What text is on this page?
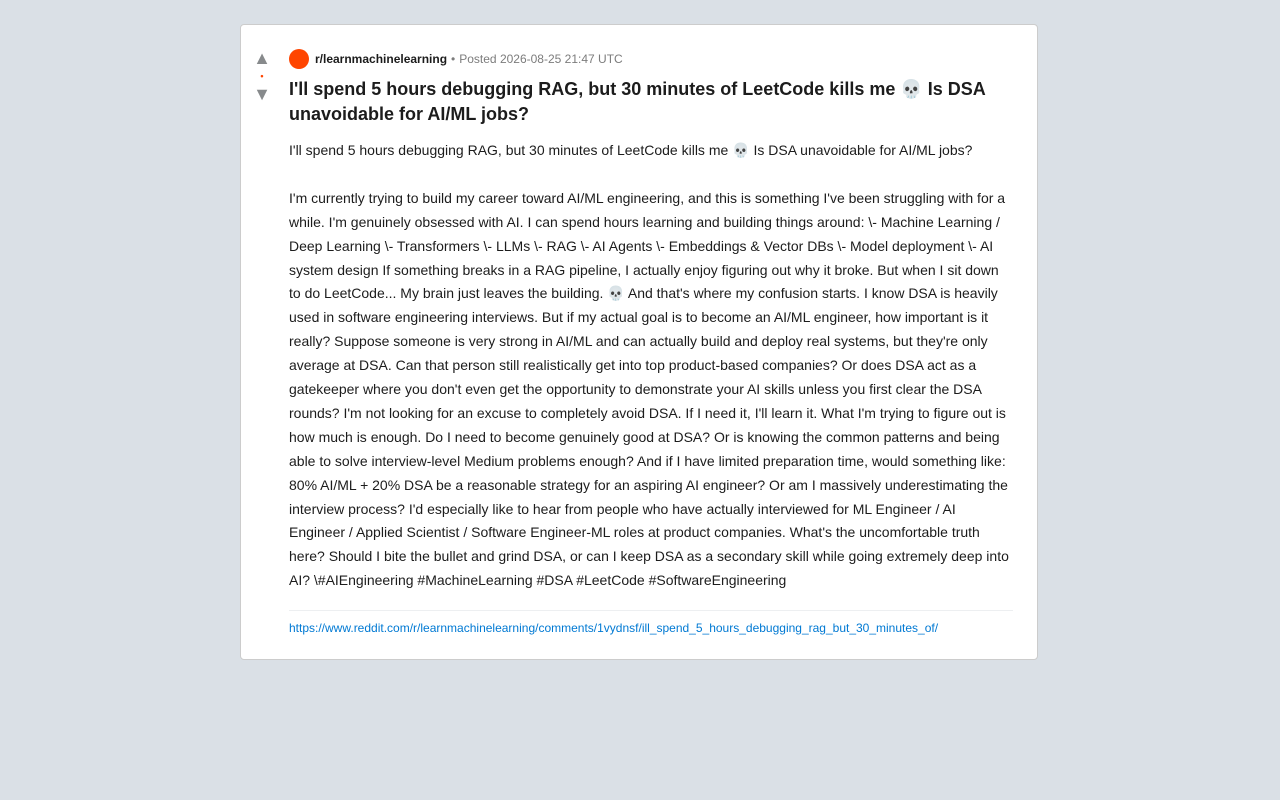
▲
•
▼
r/learnmachinelearning • Posted 2026-08-25 21:47 UTC
I'll spend 5 hours debugging RAG, but 30 minutes of LeetCode kills me 💀 Is DSA unavoidable for AI/ML jobs?

I'll spend 5 hours debugging RAG, but 30 minutes of LeetCode kills me 💀 Is DSA unavoidable for AI/ML jobs?

I'm currently trying to build my career toward AI/ML engineering, and this is something I've been struggling with for a while. I'm genuinely obsessed with AI. I can spend hours learning and building things around: \- Machine Learning / Deep Learning \- Transformers \- LLMs \- RAG \- AI Agents \- Embeddings & Vector DBs \- Model deployment \- AI system design If something breaks in a RAG pipeline, I actually enjoy figuring out why it broke. But when I sit down to do LeetCode... My brain just leaves the building. 💀 And that's where my confusion starts. I know DSA is heavily used in software engineering interviews. But if my actual goal is to become an AI/ML engineer, how important is it really? Suppose someone is very strong in AI/ML and can actually build and deploy real systems, but they're only average at DSA. Can that person still realistically get into top product-based companies? Or does DSA act as a gatekeeper where you don't even get the opportunity to demonstrate your AI skills unless you first clear the DSA rounds? I'm not looking for an excuse to completely avoid DSA. If I need it, I'll learn it. What I'm trying to figure out is how much is enough. Do I need to become genuinely good at DSA? Or is knowing the common patterns and being able to solve interview-level Medium problems enough? And if I have limited preparation time, would something like: 80% AI/ML + 20% DSA be a reasonable strategy for an aspiring AI engineer? Or am I massively underestimating the interview process? I'd especially like to hear from people who have actually interviewed for ML Engineer / AI Engineer / Applied Scientist / Software Engineer-ML roles at product companies. What's the uncomfortable truth here? Should I bite the bullet and grind DSA, or can I keep DSA as a secondary skill while going extremely deep into AI? \#AIEngineering #MachineLearning #DSA #LeetCode #SoftwareEngineering

https://www.reddit.com/r/learnmachinelearning/comments/1vydnsf/ill_spend_5_hours_debugging_rag_but_30_minutes_of/
